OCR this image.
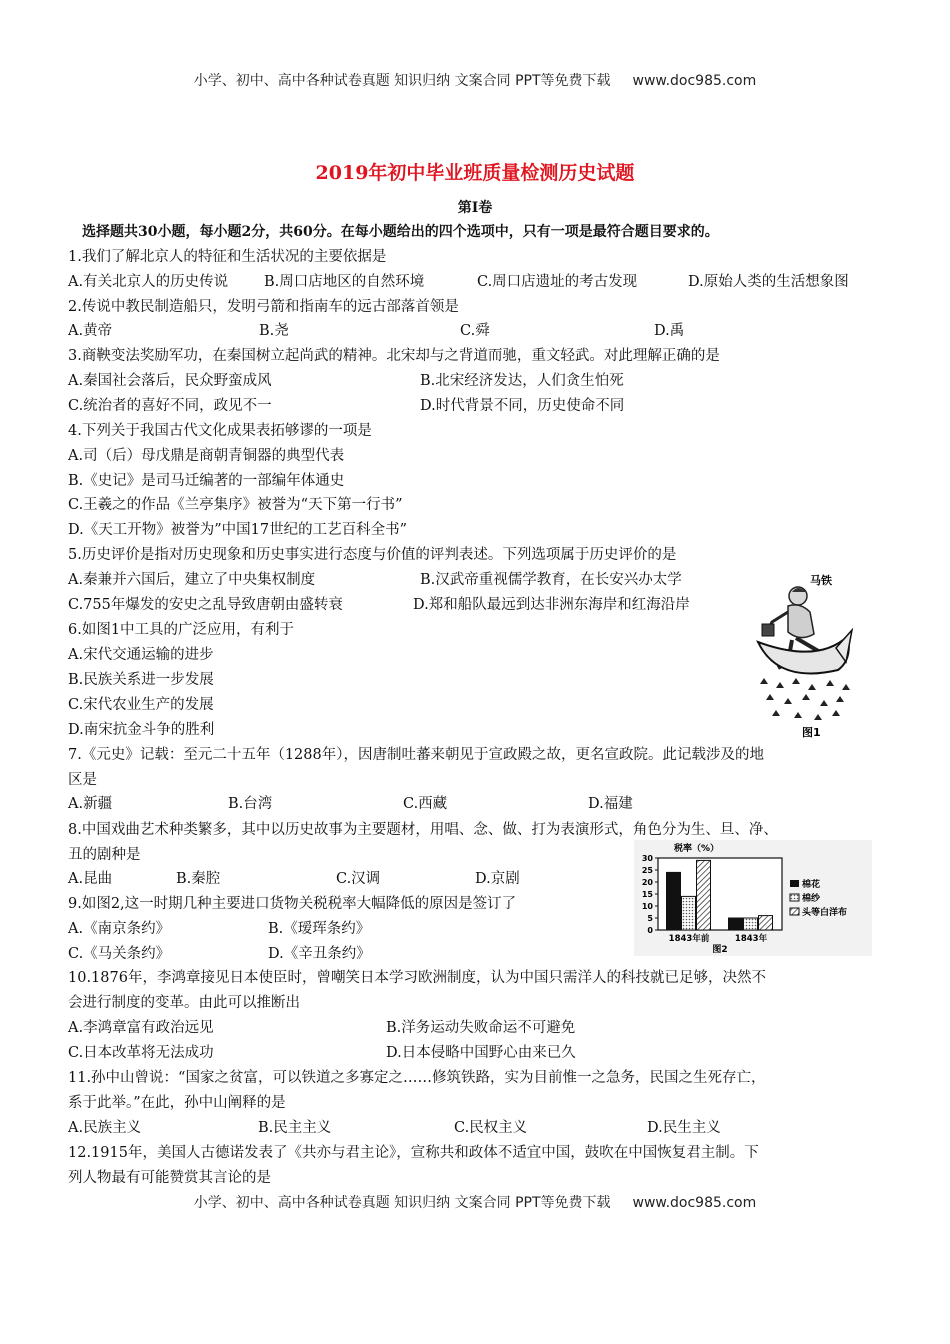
小学、初中、高中各种试卷真题 知识归纳 文案合同 PPT等免费下载 www.doc985.com
2019年初中毕业班质量检测历史试题
第Ⅰ卷
选择题共30小题，每小题2分，共60分。在每小题给出的四个选项中，只有一项是最符合题目要求的。
1.我们了解北京人的特征和生活状况的主要依据是
A.有关北京人的历史传说 B.周口店地区的自然环境	C.周口店遗址的考古发现	D.原始人类的生活想象图
2.传说中教民制造船只，发明弓箭和指南车的远古部落首领是
A.黄帝	B.尧	C.舜	D.禹
3.商鞅变法奖励军功，在秦国树立起尚武的精神。北宋却与之背道而驰，重文轻武。对此理解正确的是
A.秦国社会落后，民众野蛮成风	B.北宋经济发达，人们贪生怕死
C.统治者的喜好不同，政见不一	D.时代背景不同，历史使命不同
4.下列关于我国古代文化成果表拓够谬的一项是
A.司（后）母戊鼎是商朝青铜器的典型代表
B.《史记》是司马迁编著的一部编年体通史
C.王羲之的作品《兰亭集序》被誉为“天下第一行书”
D.《天工开物》被誉为”中国17世纪的工艺百科全书”
5.历史评价是指对历史现象和历史事实进行态度与价值的评判表述。下列选项属于历史评价的是
A.秦兼并六国后，建立了中央集权制度	B.汉武帝重视儒学教育，在长安兴办太学
C.755年爆发的安史之乱导致唐朝由盛转衰	D.郑和船队最远到达非洲东海岸和红海沿岸
6.如图1中工具的广泛应用，有利于
A.宋代交通运输的进步
B.民族关系进一步发展
C.宋代农业生产的发展
D.南宋抗金斗争的胜利
马铁
图1
7.《元史》记载：至元二十五年（1288年），因唐制吐蕃来朝见于宣政殿之故，更名宣政院。此记载涉及的地
区是
A.新疆	B.台湾	C.西藏	D.福建
8.中国戏曲艺术种类繁多，其中以历史故事为主要题材，用唱、念、做、打为表演形式，角色分为生、旦、净、
丑的剧种是
A.昆曲	B.秦腔	C.汉调	D.京剧
9.如图2,这一时期几种主要进口货物关税税率大幅降低的原因是签订了
A.《南京条约》	B.《瑷珲条约》
C.《马关条约》	D.《辛丑条约》
税率（%）
0
5
10
15
20
25
30
1843年前	1843年
图2
棉花
棉纱
头等白洋布
10.1876年，李鸿章接见日本使臣时，曾嘲笑日本学习欧洲制度，认为中国只需洋人的科技就已足够，决然不
会进行制度的变革。由此可以推断出
A.李鸿章富有政治远见	B.洋务运动失败命运不可避免
C.日本改革将无法成功	D.日本侵略中国野心由来已久
11.孙中山曾说：“国家之贫富，可以铁道之多寡定之……修筑铁路，实为目前惟一之急务，民国之生死存亡，
系于此举。”在此，孙中山阐释的是
A.民族主义	B.民主主义	C.民权主义	D.民生主义
12.1915年，美国人古德诺发表了《共亦与君主论》，宣称共和政体不适宜中国，鼓吹在中国恢复君主制。下
列人物最有可能赞赏其言论的是
小学、初中、高中各种试卷真题 知识归纳 文案合同 PPT等免费下载 www.doc985.com
